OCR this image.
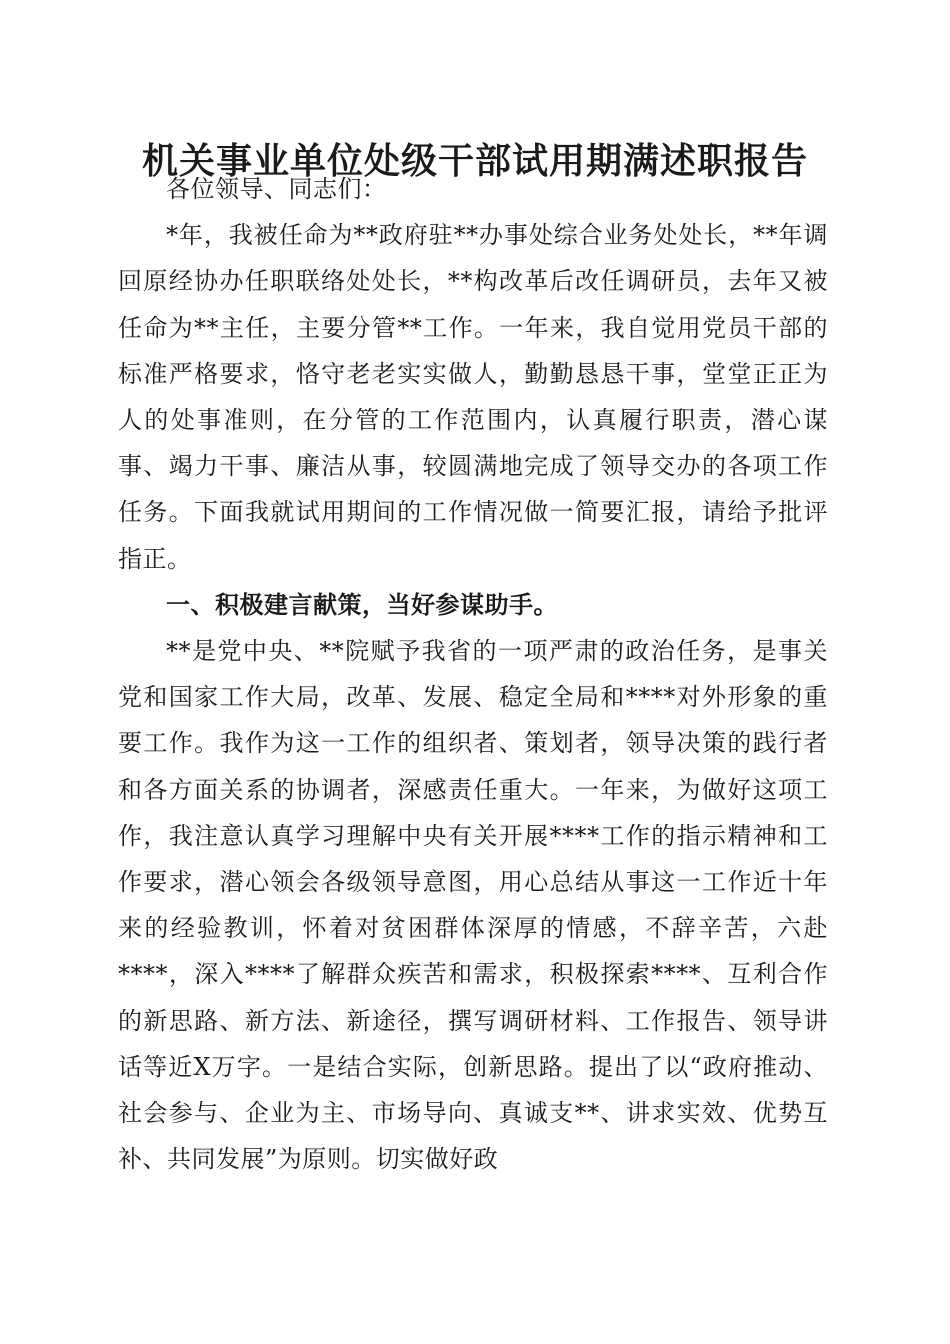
机关事业单位处级干部试用期满述职报告

各位领导、同志们：

*年，我被任命为**政府驻**办事处综合业务处处长，**年调回原经协办任职联络处处长，**构改革后改任调研员，去年又被任命为**主任，主要分管**工作。一年来，我自觉用党员干部的标准严格要求，恪守老老实实做人，勤勤恳恳干事，堂堂正正为人的处事准则，在分管的工作范围内，认真履行职责，潜心谋事、竭力干事、廉洁从事，较圆满地完成了领导交办的各项工作任务。下面我就试用期间的工作情况做一简要汇报，请给予批评指正。

一、积极建言献策，当好参谋助手。

**是党中央、**院赋予我省的一项严肃的政治任务，是事关党和国家工作大局，改革、发展、稳定全局和****对外形象的重要工作。我作为这一工作的组织者、策划者，领导决策的践行者和各方面关系的协调者，深感责任重大。一年来，为做好这项工作，我注意认真学习理解中央有关开展****工作的指示精神和工作要求，潜心领会各级领导意图，用心总结从事这一工作近十年来的经验教训，怀着对贫困群体深厚的情感，不辞辛苦，六赴****，深入****了解群众疾苦和需求，积极探索****、互利合作的新思路、新方法、新途径，撰写调研材料、工作报告、领导讲话等近X万字。一是结合实际，创新思路。提出了以“政府推动、社会参与、企业为主、市场导向、真诚支**、讲求实效、优势互补、共同发展”为原则。切实做好政
